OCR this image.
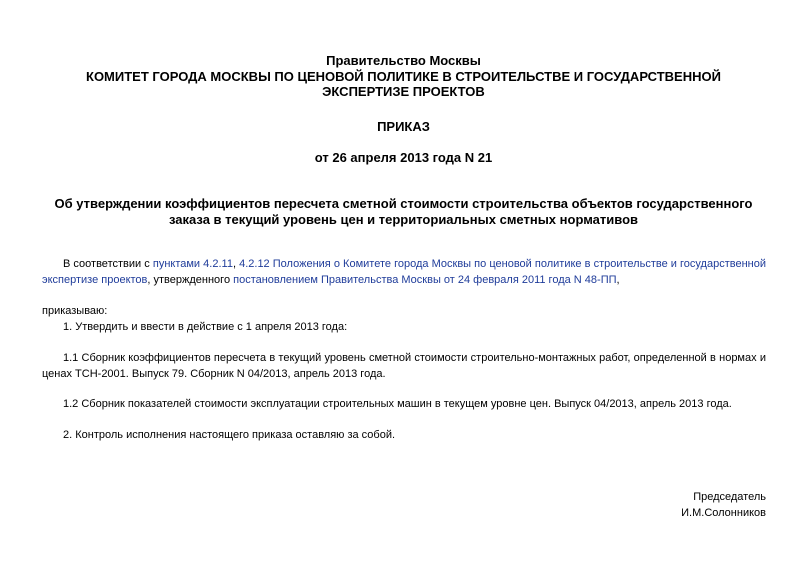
Правительство Москвы
КОМИТЕТ ГОРОДА МОСКВЫ ПО ЦЕНОВОЙ ПОЛИТИКЕ В СТРОИТЕЛЬСТВЕ И ГОСУДАРСТВЕННОЙ
ЭКСПЕРТИЗЕ ПРОЕКТОВ
ПРИКАЗ
от 26 апреля 2013 года N 21
Об утверждении коэффициентов пересчета сметной стоимости строительства объектов государственного
заказа в текущий уровень цен и территориальных сметных нормативов
В соответствии с пунктами 4.2.11, 4.2.12 Положения о Комитете города Москвы по ценовой политике в строительстве и государственной экспертизе проектов, утвержденного постановлением Правительства Москвы от 24 февраля 2011 года N 48-ПП,
приказываю:
1. Утвердить и ввести в действие с 1 апреля 2013 года:
1.1 Сборник коэффициентов пересчета в текущий уровень сметной стоимости строительно-монтажных работ, определенной в нормах и ценах ТСН-2001. Выпуск 79. Сборник N 04/2013, апрель 2013 года.
1.2 Сборник показателей стоимости эксплуатации строительных машин в текущем уровне цен. Выпуск 04/2013, апрель 2013 года.
2. Контроль исполнения настоящего приказа оставляю за собой.
Председатель
И.М.Солонников
